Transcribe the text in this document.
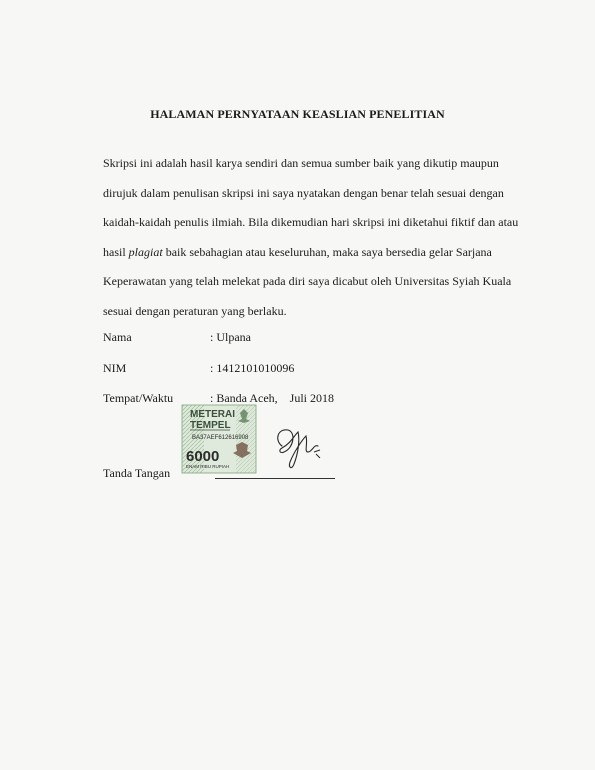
HALAMAN PERNYATAAN KEASLIAN PENELITIAN
Skripsi ini adalah hasil karya sendiri dan semua sumber baik yang dikutip maupun
dirujuk dalam penulisan skripsi ini saya nyatakan dengan benar telah sesuai dengan
kaidah-kaidah penulis ilmiah. Bila dikemudian hari skripsi ini diketahui fiktif dan atau
hasil plagiat baik sebahagian atau keseluruhan, maka saya bersedia gelar Sarjana
Keperawatan yang telah melekat pada diri saya dicabut oleh Universitas Syiah Kuala
sesuai dengan peraturan yang berlaku.
Nama	: Ulpana
NIM	: 1412101010096
Tempat/Waktu	: Banda Aceh,    Juli 2018
METERAI
TEMPEL
BA37AEF612616908
6000
ENAM RIBU RUPIAH
Tanda Tangan
